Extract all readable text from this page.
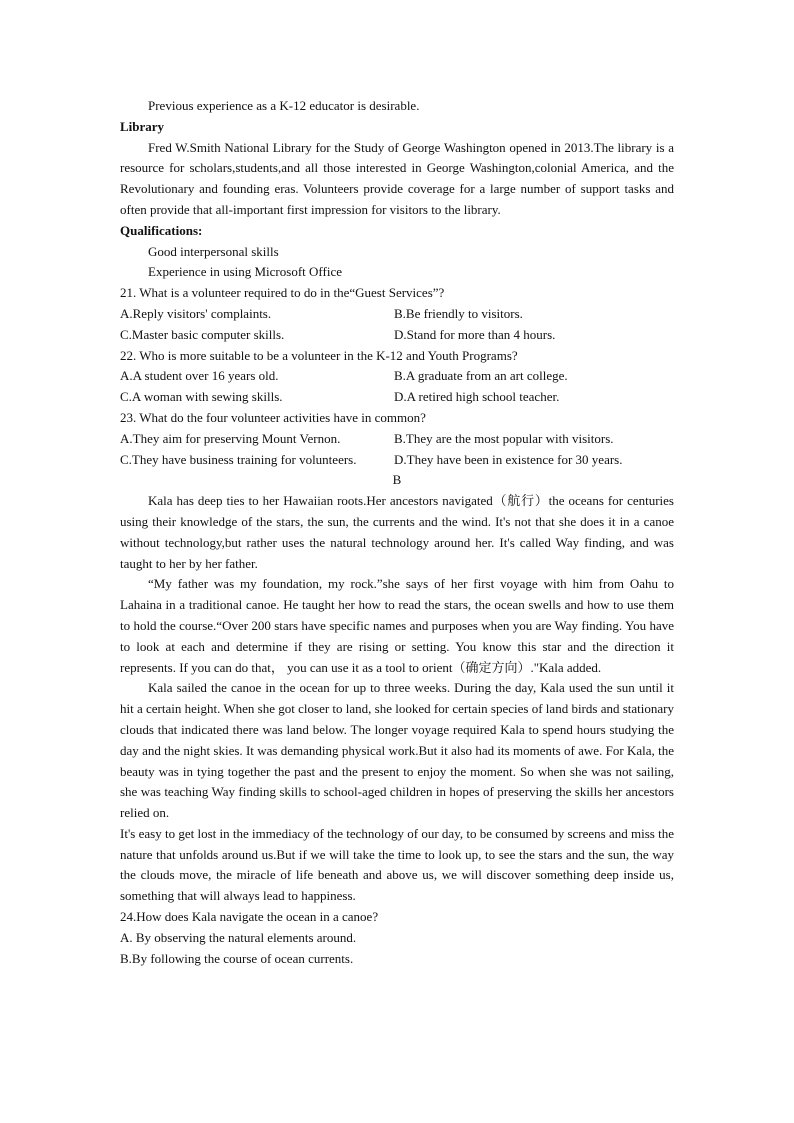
Previous experience as a K-12 educator is desirable.

Library

Fred W.Smith National Library for the Study of George Washington opened in 2013.The library is a resource for scholars,students,and all those interested in George Washington,colonial America, and the Revolutionary and founding eras. Volunteers provide coverage for a large number of support tasks and often provide that all-important first impression for visitors to the library.

Qualifications:

Good interpersonal skills

Experience in using Microsoft Office

21. What is a volunteer required to do in the“Guest Services”?

A.Reply visitors' complaints.	B.Be friendly to visitors.
C.Master basic computer skills.	D.Stand for more than 4 hours.

22. Who is more suitable to be a volunteer in the K-12 and Youth Programs?

A.A student over 16 years old.	B.A graduate from an art college.
C.A woman with sewing skills.	D.A retired high school teacher.

23. What do the four volunteer activities have in common?

A.They aim for preserving Mount Vernon.	B.They are the most popular with visitors.
C.They have business training for volunteers.	D.They have been in existence for 30 years.

B

Kala has deep ties to her Hawaiian roots.Her ancestors navigated（航行）the oceans for centuries using their knowledge of the stars, the sun, the currents and the wind. It's not that she does it in a canoe without technology,but rather uses the natural technology around her. It's called Way finding, and was taught to her by her father.

“My father was my foundation, my rock.”she says of her first voyage with him from Oahu to Lahaina in a traditional canoe. He taught her how to read the stars, the ocean swells and how to use them to hold the course.“Over 200 stars have specific names and purposes when you are Way finding. You have to look at each and determine if they are rising or setting. You know this star and the direction it represents. If you can do that， you can use it as a tool to orient（确定方向）."Kala added.

Kala sailed the canoe in the ocean for up to three weeks. During the day, Kala used the sun until it hit a certain height. When she got closer to land, she looked for certain species of land birds and stationary clouds that indicated there was land below. The longer voyage required Kala to spend hours studying the day and the night skies. It was demanding physical work.But it also had its moments of awe. For Kala, the beauty was in tying together the past and the present to enjoy the moment. So when she was not sailing, she was teaching Way finding skills to school-aged children in hopes of preserving the skills her ancestors relied on.

It's easy to get lost in the immediacy of the technology of our day, to be consumed by screens and miss the nature that unfolds around us.But if we will take the time to look up, to see the stars and the sun, the way the clouds move, the miracle of life beneath and above us, we will discover something deep inside us, something that will always lead to happiness.

24.How does Kala navigate the ocean in a canoe?

A. By observing the natural elements around.

B.By following the course of ocean currents.
